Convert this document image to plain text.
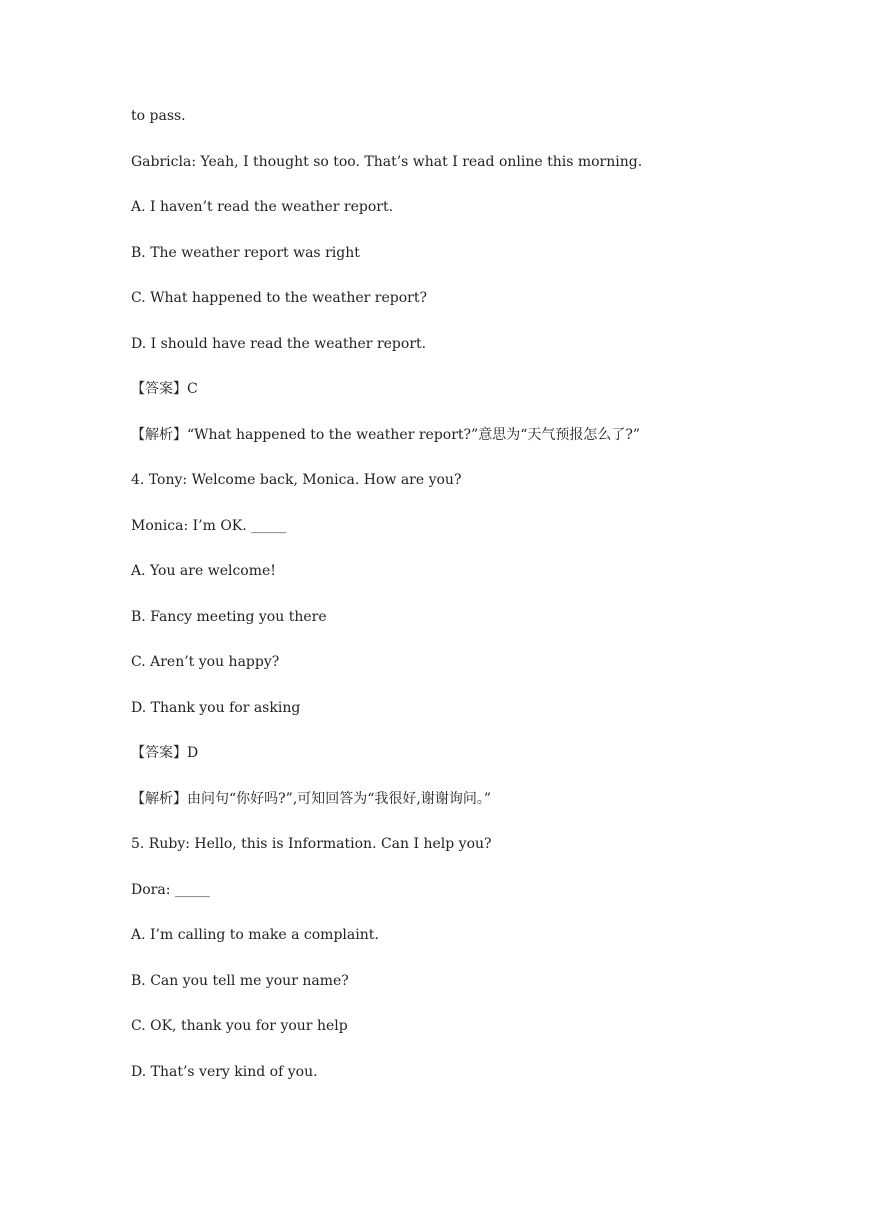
to pass.
Gabricla: Yeah, I thought so too. That’s what I read online this morning.
A. I haven’t read the weather report.
B. The weather report was right
C. What happened to the weather report?
D. I should have read the weather report.
【答案】C
【解析】“What happened to the weather report?”意思为“天气预报怎么了?”
4. Tony: Welcome back, Monica. How are you?
Monica: I’m OK. _____
A. You are welcome!
B. Fancy meeting you there
C. Aren’t you happy?
D. Thank you for asking
【答案】D
【解析】由问句“你好吗?”,可知回答为“我很好,谢谢询问。”
5. Ruby: Hello, this is Information. Can I help you?
Dora: _____
A. I’m calling to make a complaint.
B. Can you tell me your name?
C. OK, thank you for your help
D. That’s very kind of you.
